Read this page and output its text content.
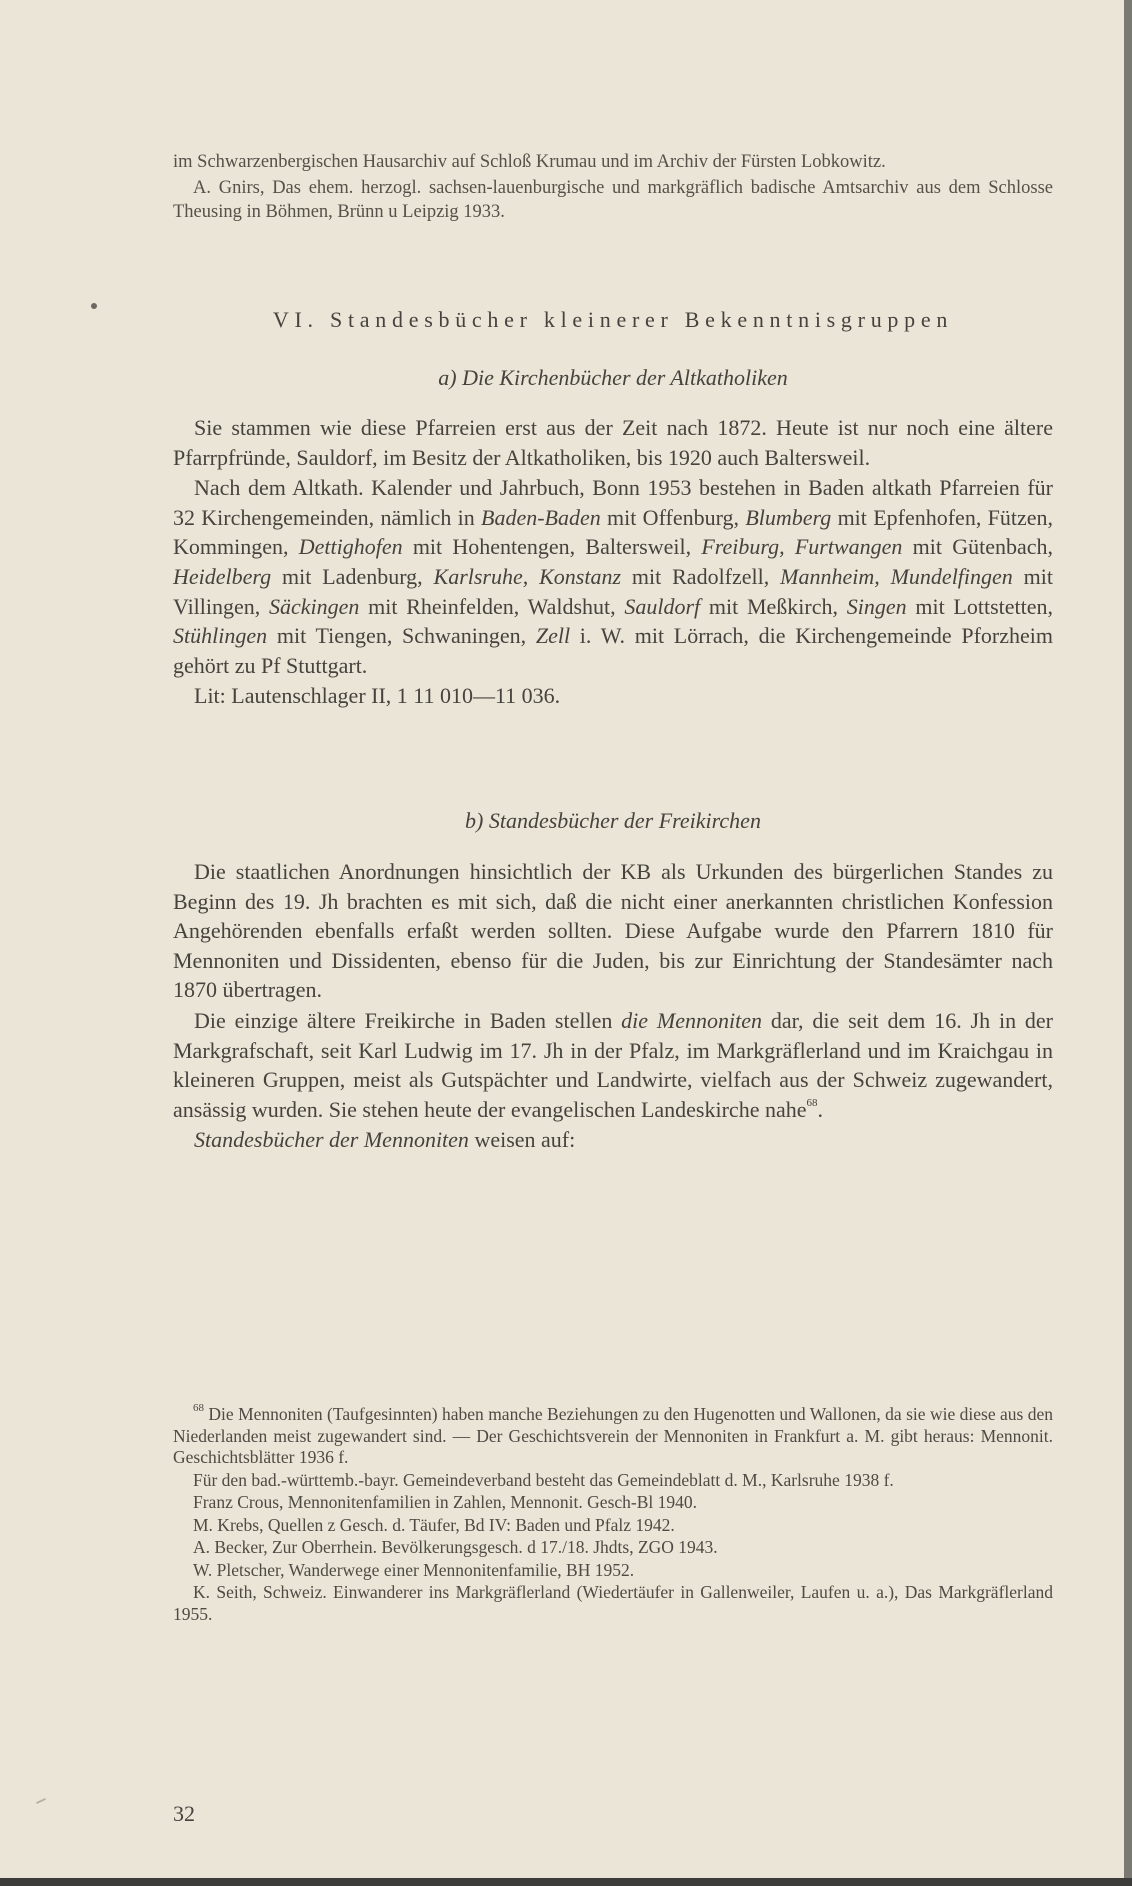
im Schwarzenbergischen Hausarchiv auf Schloß Krumau und im Archiv der Fürsten Lobkowitz.

A. Gnirs, Das ehem. herzogl. sachsen-lauenburgische und markgräflich badische Amtsarchiv aus dem Schlosse Theusing in Böhmen, Brünn u Leipzig 1933.

VI. Standesbücher kleinerer Bekenntnisgruppen
a) Die Kirchenbücher der Altkatholiken

Sie stammen wie diese Pfarreien erst aus der Zeit nach 1872. Heute ist nur noch eine ältere Pfarrpfründe, Sauldorf, im Besitz der Altkatholiken, bis 1920 auch Baltersweil.

Nach dem Altkath. Kalender und Jahrbuch, Bonn 1953 bestehen in Baden altkath Pfarreien für 32 Kirchengemeinden, nämlich in Baden-Baden mit Offenburg, Blumberg mit Epfenhofen, Fützen, Kommingen, Dettighofen mit Hohentengen, Baltersweil, Freiburg, Furtwangen mit Gütenbach, Heidelberg mit Ladenburg, Karlsruhe, Konstanz mit Radolfzell, Mannheim, Mundelfingen mit Villingen, Säckingen mit Rheinfelden, Waldshut, Sauldorf mit Meßkirch, Singen mit Lottstetten, Stühlingen mit Tiengen, Schwaningen, Zell i. W. mit Lörrach, die Kirchengemeinde Pforzheim gehört zu Pf Stuttgart.

Lit: Lautenschlager II, 1 11 010—11 036.

b) Standesbücher der Freikirchen

Die staatlichen Anordnungen hinsichtlich der KB als Urkunden des bürgerlichen Standes zu Beginn des 19. Jh brachten es mit sich, daß die nicht einer anerkannten christlichen Konfession Angehörenden ebenfalls erfaßt werden sollten. Diese Aufgabe wurde den Pfarrern 1810 für Mennoniten und Dissidenten, ebenso für die Juden, bis zur Einrichtung der Standesämter nach 1870 übertragen.

Die einzige ältere Freikirche in Baden stellen die Mennoniten dar, die seit dem 16. Jh in der Markgrafschaft, seit Karl Ludwig im 17. Jh in der Pfalz, im Markgräflerland und im Kraichgau in kleineren Gruppen, meist als Gutspächter und Landwirte, vielfach aus der Schweiz zugewandert, ansässig wurden. Sie stehen heute der evangelischen Landeskirche nahe$^{68}$.

Standesbücher der Mennoniten weisen auf:

$^{68}$ Die Mennoniten (Taufgesinnten) haben manche Beziehungen zu den Hugenotten und Wallonen, da sie wie diese aus den Niederlanden meist zugewandert sind. — Der Geschichtsverein der Mennoniten in Frankfurt a. M. gibt heraus: Mennonit. Geschichtsblätter 1936 f.

Für den bad.-württemb.-bayr. Gemeindeverband besteht das Gemeindeblatt d. M., Karlsruhe 1938 f.

Franz Crous, Mennonitenfamilien in Zahlen, Mennonit. Gesch-Bl 1940.

M. Krebs, Quellen z Gesch. d. Täufer, Bd IV: Baden und Pfalz 1942.

A. Becker, Zur Oberrhein. Bevölkerungsgesch. d 17./18. Jhdts, ZGO 1943.

W. Pletscher, Wanderwege einer Mennonitenfamilie, BH 1952.

K. Seith, Schweiz. Einwanderer ins Markgräflerland (Wiedertäufer in Gallenweiler, Laufen u. a.), Das Markgräflerland 1955.

32
